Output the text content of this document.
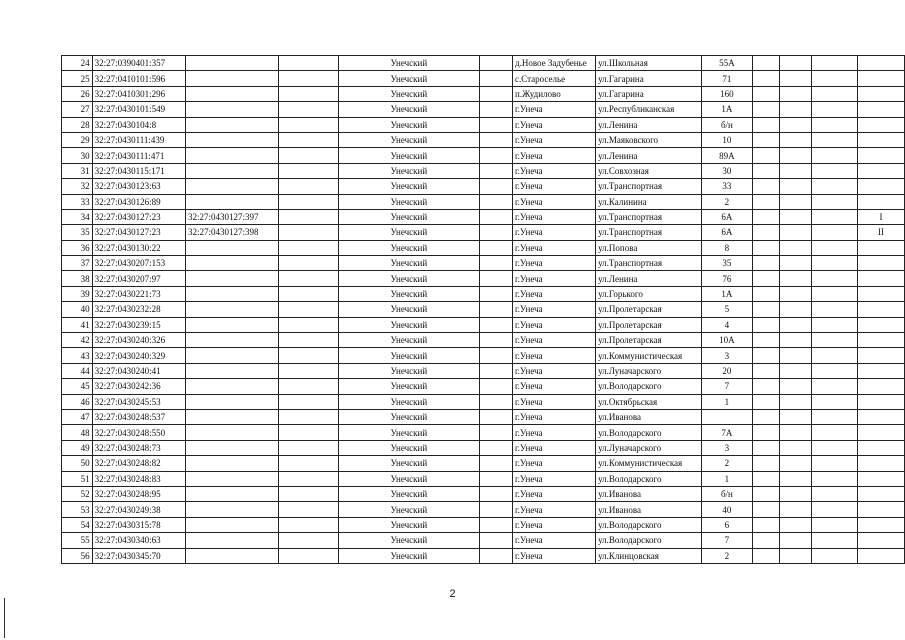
24	32:27:0390401:357			Унечский		д.Новое Задубенье	ул.Школьная	55А				
25	32:27:0410101:596			Унечский		с.Старосельe	ул.Гагарина	71				
26	32:27:0410301:296			Унечский		п.Жудилово	ул.Гагарина	160				
27	32:27:0430101:549			Унечский		г.Унеча	ул.Республиканская	1А				
28	32:27:0430104:8			Унечский		г.Унеча	ул.Ленина	б/н				
29	32:27:0430111:439			Унечский		г.Унеча	ул.Маяковского	10				
30	32:27:0430111:471			Унечский		г.Унеча	ул.Ленина	89А				
31	32:27:0430115:171			Унечский		г.Унеча	ул.Совхозная	30				
32	32:27:0430123:63			Унечский		г.Унеча	ул.Транспортная	33				
33	32:27:0430126:89			Унечский		г.Унеча	ул.Калинина	2				
34	32:27:0430127:23	32:27:0430127:397		Унечский		г.Унеча	ул.Транспортная	6А				I
35	32:27:0430127:23	32:27:0430127:398		Унечский		г.Унеча	ул.Транспортная	6А				II
36	32:27:0430130:22			Унечский		г.Унеча	ул.Попова	8				
37	32:27:0430207:153			Унечский		г.Унеча	ул.Транспортная	35				
38	32:27:0430207:97			Унечский		г.Унеча	ул.Ленина	76				
39	32:27:0430221:73			Унечский		г.Унеча	ул.Горького	1А				
40	32:27:0430232:28			Унечский		г.Унеча	ул.Пролетарская	5				
41	32:27:0430239:15			Унечский		г.Унеча	ул.Пролетарская	4				
42	32:27:0430240:326			Унечский		г.Унеча	ул.Пролетарская	10А				
43	32:27:0430240:329			Унечский		г.Унеча	ул.Коммунистическая	3				
44	32:27:0430240:41			Унечский		г.Унеча	ул.Луначарского	20				
45	32:27:0430242:36			Унечский		г.Унеча	ул.Володарского	7				
46	32:27:0430245:53			Унечский		г.Унеча	ул.Октябрьская	1				
47	32:27:0430248:537			Унечский		г.Унеча	ул.Иванова					
48	32:27:0430248:550			Унечский		г.Унеча	ул.Володарского	7А				
49	32:27:0430248:73			Унечский		г.Унеча	ул.Луначарского	3				
50	32:27:0430248:82			Унечский		г.Унеча	ул.Коммунистическая	2				
51	32:27:0430248:83			Унечский		г.Унеча	ул.Володарского	1				
52	32:27:0430248:95			Унечский		г.Унеча	ул.Иванова	б/н				
53	32:27:0430249:38			Унечский		г.Унеча	ул.Иванова	40				
54	32:27:0430315:78			Унечский		г.Унеча	ул.Володарского	6				
55	32:27:0430340:63			Унечский		г.Унеча	ул.Володарского	7				
56	32:27:0430345:70			Унечский		г.Унеча	ул.Клинцовская	2				
2
